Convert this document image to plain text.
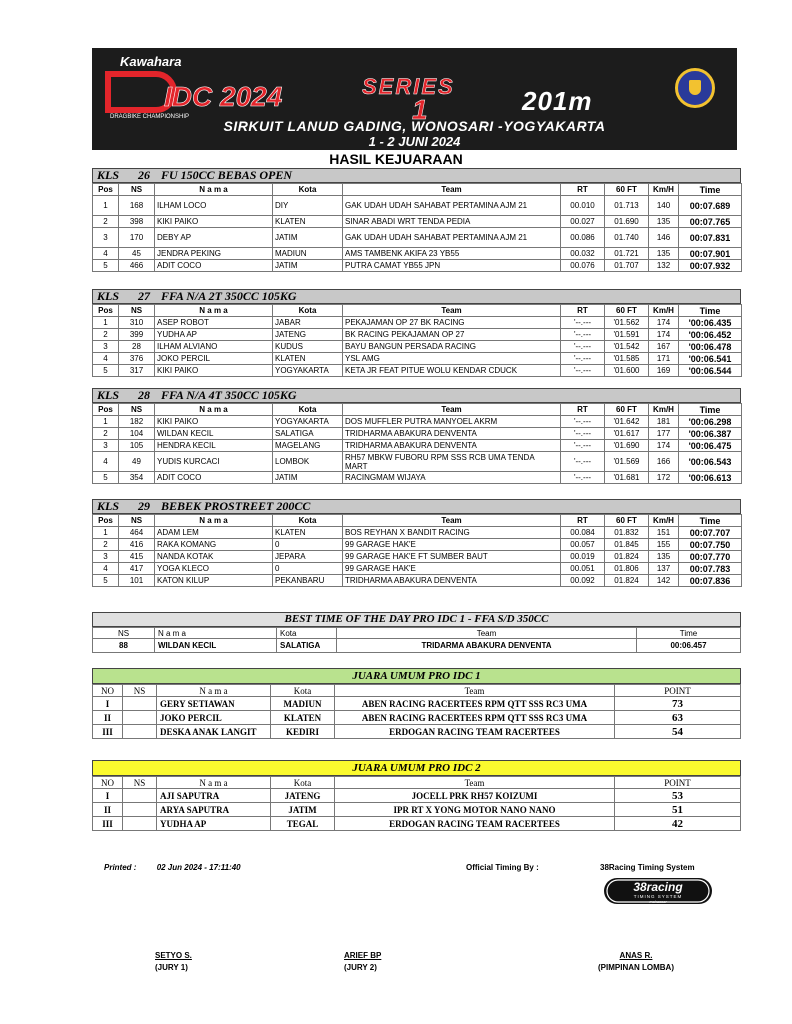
Kawahara
IDC 2024
DRAGBIKE CHAMPIONSHIP
SERIES
1	201m
SIRKUIT LANUD GADING, WONOSARI -YOGYAKARTA
1 - 2 JUNI 2024
HASIL KEJUARAAN
KLS	26 FU 150CC BEBAS OPEN
Pos	NS	N a m a	Kota	Team	RT	60 FT	Km/H	Time
1	168	ILHAM LOCO	DIY	GAK UDAH UDAH SAHABAT PERTAMINA AJM 21	00.010	01.713	140	00:07.689
2	398	KIKI PAIKO	KLATEN	SINAR ABADI WRT TENDA PEDIA	00.027	01.690	135	00:07.765
3	170	DEBY AP	JATIM	GAK UDAH UDAH SAHABAT PERTAMINA AJM 21	00.086	01.740	146	00:07.831
4	45	JENDRA PEKING	MADIUN	AMS TAMBENK AKIFA 23 YB55	00.032	01.721	135	00:07.901
5	466	ADIT COCO	JATIM	PUTRA CAMAT YB55 JPN	00.076	01.707	132	00:07.932
KLS	27 FFA N/A 2T 350CC 105KG
Pos	NS	N a m a	Kota	Team	RT	60 FT	Km/H	Time
1	310	ASEP ROBOT	JABAR	PEKAJAMAN OP 27 BK RACING	'--.---	'01.562	174	'00:06.435
2	399	YUDHA AP	JATENG	BK RACING PEKAJAMAN OP 27	'--.---	'01.591	174	'00:06.452
3	28	ILHAM ALVIANO	KUDUS	BAYU BANGUN PERSADA RACING	'--.---	'01.542	167	'00:06.478
4	376	JOKO PERCIL	KLATEN	YSL AMG	'--.---	'01.585	171	'00:06.541
5	317	KIKI PAIKO	YOGYAKARTA	KETA JR FEAT PITUE WOLU KENDAR CDUCK	'--.---	'01.600	169	'00:06.544
KLS	28 FFA N/A 4T 350CC 105KG
Pos	NS	N a m a	Kota	Team	RT	60 FT	Km/H	Time
1	182	KIKI PAIKO	YOGYAKARTA	DOS MUFFLER PUTRA MANYOEL AKRM	'--.---	'01.642	181	'00:06.298
2	104	WILDAN KECIL	SALATIGA	TRIDHARMA ABAKURA DENVENTA	'--.---	'01.617	177	'00:06.387
3	105	HENDRA KECIL	MAGELANG	TRIDHARMA ABAKURA DENVENTA	'--.---	'01.690	174	'00:06.475
4	49	YUDIS KURCACI	LOMBOK	RH57 MBKW FUBORU RPM SSS RCB UMA TENDA MART	'--.---	'01.569	166	'00:06.543
5	354	ADIT COCO	JATIM	RACINGMAM WIJAYA	'--.---	'01.681	172	'00:06.613
KLS	29 BEBEK PROSTREET 200CC
Pos	NS	N a m a	Kota	Team	RT	60 FT	Km/H	Time
1	464	ADAM LEM	KLATEN	BOS REYHAN X BANDIT RACING	00.084	01.832	151	00:07.707
2	416	RAKA KOMANG	0	99 GARAGE HAK'E	00.057	01.845	155	00:07.750
3	415	NANDA KOTAK	JEPARA	99 GARAGE HAK'E FT SUMBER BAUT	00.019	01.824	135	00:07.770
4	417	YOGA KLECO	0	99 GARAGE HAK'E	00.051	01.806	137	00:07.783
5	101	KATON KILUP	PEKANBARU	TRIDHARMA ABAKURA DENVENTA	00.092	01.824	142	00:07.836
BEST TIME OF THE DAY PRO IDC 1 - FFA S/D 350CC
NS	N a m a	Kota	Team	Time
88	WILDAN KECIL	SALATIGA	TRIDARMA ABAKURA DENVENTA	00:06.457
JUARA UMUM PRO IDC 1
NO	NS	N a m a	Kota	Team	POINT
I		GERY SETIAWAN	MADIUN	ABEN RACING RACERTEES RPM QTT SSS RC3 UMA	73
II		JOKO PERCIL	KLATEN	ABEN RACING RACERTEES RPM QTT SSS RC3 UMA	63
III		DESKA ANAK LANGIT	KEDIRI	ERDOGAN RACING TEAM RACERTEES	54
JUARA UMUM PRO IDC 2
NO	NS	N a m a	Kota	Team	POINT
I		AJI SAPUTRA	JATENG	JOCELL PRK RH57 KOIZUMI	53
II		ARYA SAPUTRA	JATIM	IPR RT X YONG MOTOR NANO NANO	51
III		YUDHA AP	TEGAL	ERDOGAN RACING TEAM RACERTEES	42
Printed :	02 Jun 2024 - 17:11:40	Official Timing By :	38Racing Timing System
38racing
TIMING SYSTEM
makassar
SETYO S.
(JURY 1)
ARIEF BP
(JURY 2)
ANAS R.
(PIMPINAN LOMBA)
